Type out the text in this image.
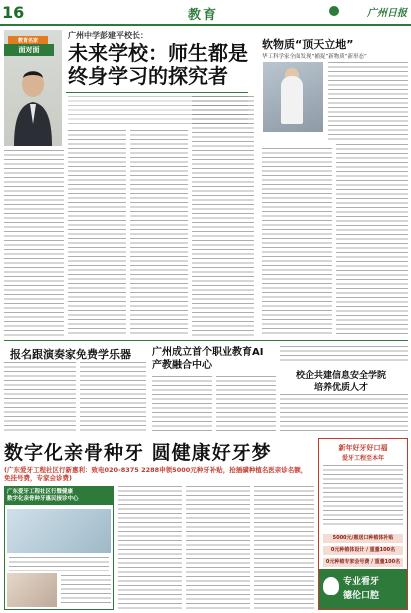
16	教育	广州日报
教育名家
面对面
广州中学彭建平校长：
未来学校：师生都是
终身学习的探究者
软物质“顶天立地”
华工科学家全面发现“捕捉”新物质“新形态”
报名跟演奏家免费学乐器 广州成立首个职业教育AI产教融合中心
校企共建信息安全学院
培养优质人才
数字化亲骨种牙 圆健康好牙梦
(广东爱牙工程社区行新惠利：致电020-8375 2288申领5000元种牙补贴，抢插磺种植名医亲诊名额，免挂号费，专家会诊费)
广东爱牙工程社区行暨健康
数字化亲骨种牙惠民接诊中心
新年好牙好口福
爱牙工程至本年
5000元/惠送口种植体补贴
0元种植体设计 / 重量100名
0元种植专家会号费 / 重量100名
专业看牙
德伦口腔
